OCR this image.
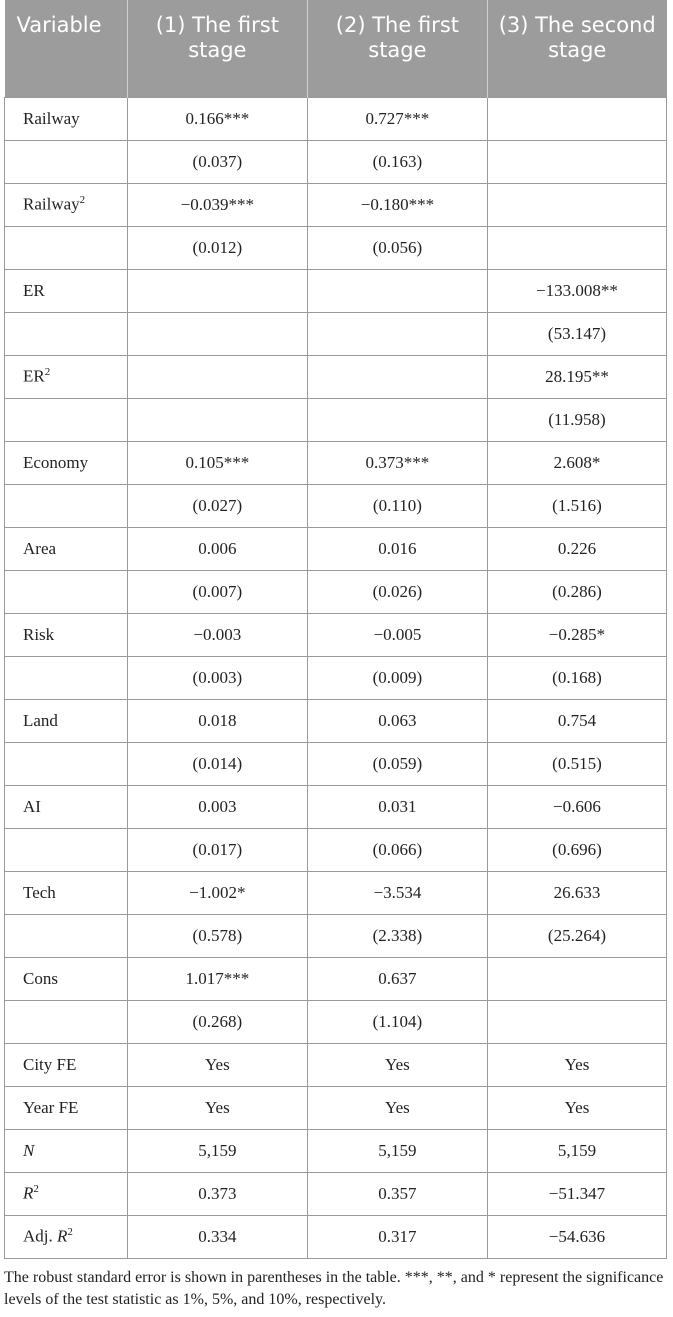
Variable	(1) The first stage	(2) The first stage	(3) The second stage
Railway	0.166***	0.727***	
	(0.037)	(0.163)	
Railway$^2$	−0.039***	−0.180***	
	(0.012)	(0.056)	
ER			−133.008**
			(53.147)
$ER^2$			28.195**
			(11.958)
Economy	0.105***	0.373***	2.608*
	(0.027)	(0.110)	(1.516)
Area	0.006	0.016	0.226
	(0.007)	(0.026)	(0.286)
Risk	−0.003	−0.005	−0.285*
	(0.003)	(0.009)	(0.168)
Land	0.018	0.063	0.754
	(0.014)	(0.059)	(0.515)
AI	0.003	0.031	−0.606
	(0.017)	(0.066)	(0.696)
Tech	−1.002*	−3.534	26.633
	(0.578)	(2.338)	(25.264)
Cons	1.017***	0.637	
	(0.268)	(1.104)	
City FE	Yes	Yes	Yes
Year FE	Yes	Yes	Yes
N	5,159	5,159	5,159
$R^2$	0.373	0.357	−51.347
Adj. $R^2$	0.334	0.317	−54.636
The robust standard error is shown in parentheses in the table. ***, **, and * represent the significance levels of the test statistic as 1%, 5%, and 10%, respectively.
